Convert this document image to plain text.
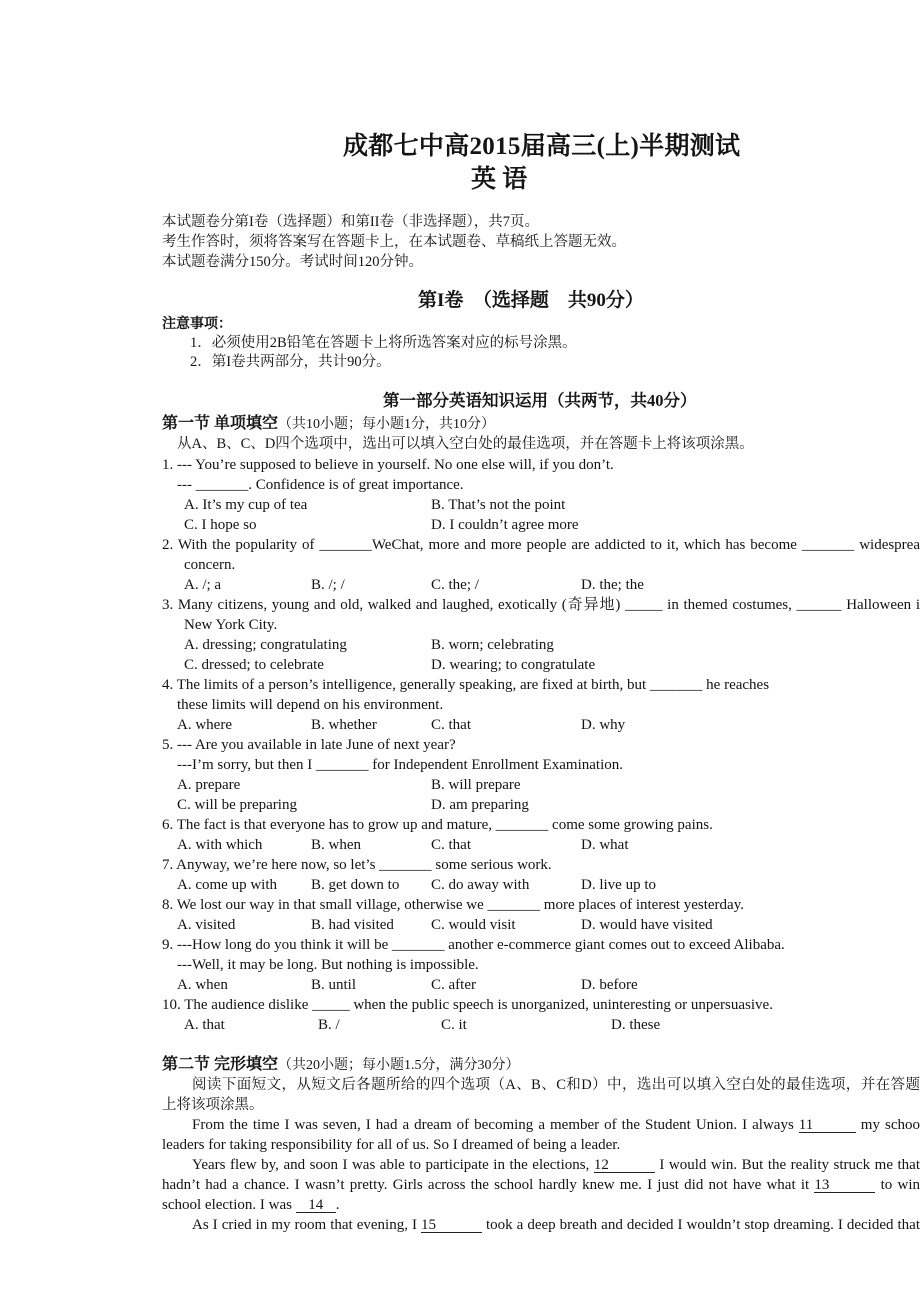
成都七中高2015届高三(上)半期测试
英 语
本试题卷分第I卷（选择题）和第II卷（非选择题），共7页。
考生作答时，须将答案写在答题卡上，在本试题卷、草稿纸上答题无效。
本试题卷满分150分。考试时间120分钟。
第I卷　（选择题　共90分）
注意事项：
1．必须使用2B铅笔在答题卡上将所选答案对应的标号涂黑。
2．第I卷共两部分，共计90分。
第一部分英语知识运用（共两节，共40分）
第一节 单项填空（共10小题；每小题1分，共10分）
从A、B、C、D四个选项中，选出可以填入空白处的最佳选项，并在答题卡上将该项涂黑。
1. --- You’re supposed to believe in yourself. No one else will, if you don’t.
--- _______. Confidence is of great importance.
A. It’s my cup of tea	B. That’s not the point
C. I hope so	D. I couldn’t agree more
2. With the popularity of _______WeChat, more and more people are addicted to it, which has become _______ widesprea
concern.
A. /; a	B. /; /	C. the; /	D. the; the
3. Many citizens, young and old, walked and laughed, exotically (奇异地) _____ in themed costumes, ______ Halloween i
New York City.
A. dressing; congratulating	B. worn; celebrating
C. dressed; to celebrate	D. wearing; to congratulate
4. The limits of a person’s intelligence, generally speaking, are fixed at birth, but _______ he reaches
these limits will depend on his environment.
A. where	B. whether	C. that	D. why
5. --- Are you available in late June of next year?
---I’m sorry, but then I _______ for Independent Enrollment Examination.
A. prepare	B. will prepare
C. will be preparing	D. am preparing
6. The fact is that everyone has to grow up and mature, _______ come some growing pains.
A. with which	B. when	C. that	D. what
7. Anyway, we’re here now, so let’s _______ some serious work.
A. come up with B. get down to C. do away with	D. live up to
8. We lost our way in that small village, otherwise we _______ more places of interest yesterday.
A. visited	B. had visited C. would visit	D. would have visited
9. ---How long do you think it will be _______ another e-commerce giant comes out to exceed Alibaba.
---Well, it may be long. But nothing is impossible.
A. when	B. until	C. after	D. before
10. The audience dislike _____ when the public speech is unorganized, uninteresting or unpersuasive.
A. that	B. /	C. it	D. these
第二节 完形填空（共20小题；每小题1.5分，满分30分）
阅读下面短文，从短文后各题所给的四个选项（A、B、C和D）中，选出可以填入空白处的最佳选项，并在答题
上将该项涂黑。
From the time I was seven, I had a dream of becoming a member of the Student Union. I always 11	my schoo
leaders for taking responsibility for all of us. So I dreamed of being a leader.
Years flew by, and soon I was able to participate in the elections, 12	I would win. But the reality struck me that
hadn’t had a chance. I wasn’t pretty. Girls across the school hardly knew me. I just did not have what it 13	to win
school election. I was 14 .
As I cried in my room that evening, I 15	took a deep breath and decided I wouldn’t stop dreaming. I decided that
